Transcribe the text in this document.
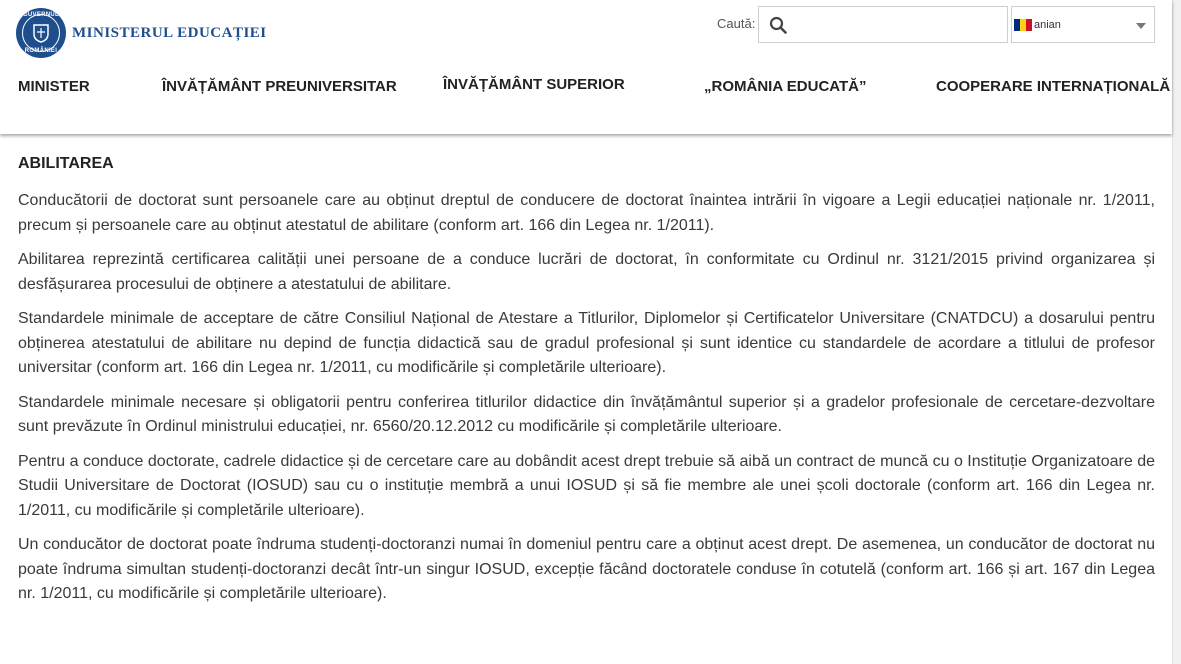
GUVERNUL
ROMÂNIEI
MINISTERUL EDUCAȚIEI
Caută:	anian
MINISTER	ÎNVĂȚĂMÂNT PREUNIVERSITAR	ÎNVĂȚĂMÂNT SUPERIOR	„ROMÂNIA EDUCATĂ”	COOPERARE INTERNAȚIONALĂ
ABILITAREA

Conducătorii de doctorat sunt persoanele care au obținut dreptul de conducere de doctorat înaintea intrării în vigoare a Legii educației naționale nr. 1/2011, precum și persoanele care au obținut atestatul de abilitare (conform art. 166 din Legea nr. 1/2011).

Abilitarea reprezintă certificarea calității unei persoane de a conduce lucrări de doctorat, în conformitate cu Ordinul nr. 3121/2015 privind organizarea și desfășurarea procesului de obținere a atestatului de abilitare.

Standardele minimale de acceptare de către Consiliul Național de Atestare a Titlurilor, Diplomelor și Certificatelor Universitare (CNATDCU) a dosarului pentru obținerea atestatului de abilitare nu depind de funcția didactică sau de gradul profesional și sunt identice cu standardele de acordare a titlului de profesor universitar (conform art. 166 din Legea nr. 1/2011, cu modificările și completările ulterioare).

Standardele minimale necesare și obligatorii pentru conferirea titlurilor didactice din învățământul superior și a gradelor profesionale de cercetare-dezvoltare sunt prevăzute în Ordinul ministrului educației, nr. 6560/20.12.2012 cu modificările și completările ulterioare.

Pentru a conduce doctorate, cadrele didactice și de cercetare care au dobândit acest drept trebuie să aibă un contract de muncă cu o Instituție Organizatoare de Studii Universitare de Doctorat (IOSUD) sau cu o instituție membră a unui IOSUD și să fie membre ale unei școli doctorale (conform art. 166 din Legea nr. 1/2011, cu modificările și completările ulterioare).

Un conducător de doctorat poate îndruma studenți-doctoranzi numai în domeniul pentru care a obținut acest drept. De asemenea, un conducător de doctorat nu poate îndruma simultan studenți-doctoranzi decât într-un singur IOSUD, excepție făcând doctoratele conduse în cotutelă (conform art. 166 și art. 167 din Legea nr. 1/2011, cu modificările și completările ulterioare).
